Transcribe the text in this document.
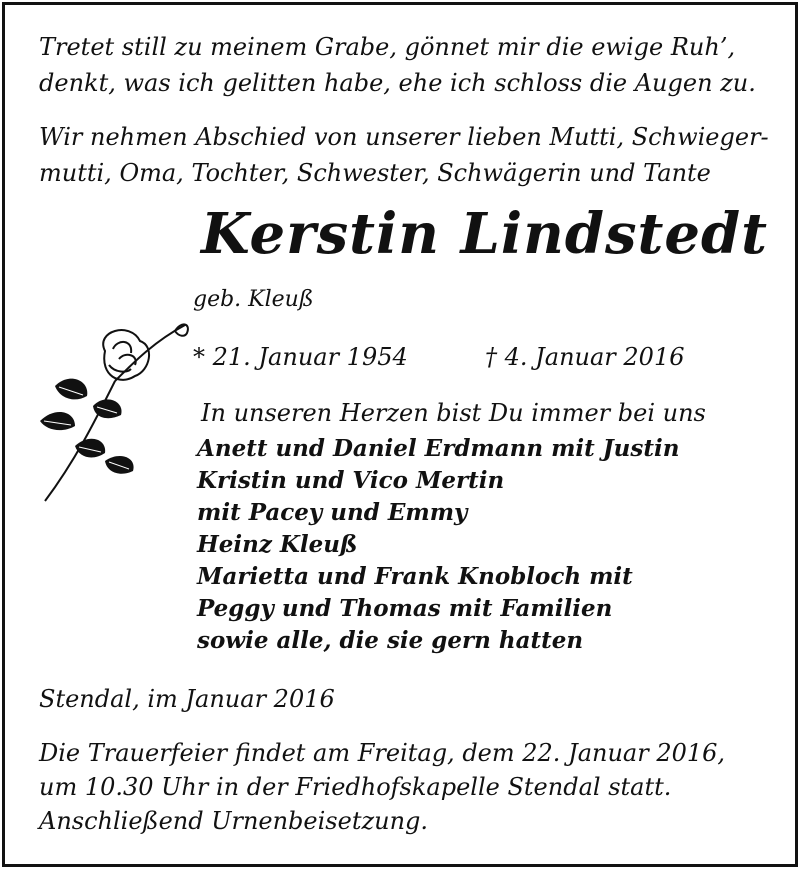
Tretet still zu meinem Grabe, gönnet mir die ewige Ruh’,
denkt, was ich gelitten habe, ehe ich schloss die Augen zu.
Wir nehmen Abschied von unserer lieben Mutti, Schwieger-
mutti, Oma, Tochter, Schwester, Schwägerin und Tante
Kerstin Lindstedt
geb. Kleuß
* 21. Januar 1954	† 4. Januar 2016
In unseren Herzen bist Du immer bei uns
Anett und Daniel Erdmann mit Justin
Kristin und Vico Mertin
mit Pacey und Emmy
Heinz Kleuß
Marietta und Frank Knobloch mit
Peggy und Thomas mit Familien
sowie alle, die sie gern hatten
Stendal, im Januar 2016
Die Trauerfeier findet am Freitag, dem 22. Januar 2016,
um 10.30 Uhr in der Friedhofskapelle Stendal statt.
Anschließend Urnenbeisetzung.
